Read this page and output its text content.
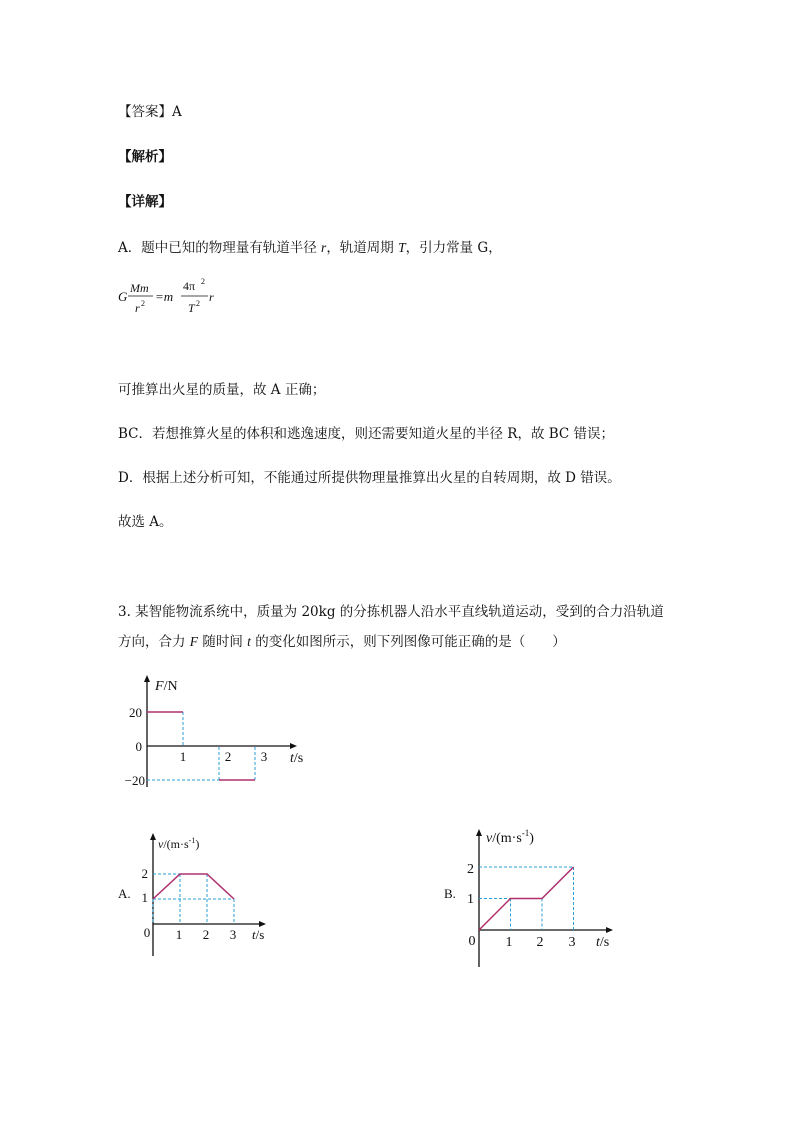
【答案】A
【解析】
【详解】
A．题中已知的物理量有轨道半径 r，轨道周期 T，引力常量 G，
G
Mm
r 2 =m
4π 2
T 2 r
可推算出火星的质量，故 A 正确；
BC．若想推算火星的体积和逃逸速度，则还需要知道火星的半径 R，故 BC 错误；
D．根据上述分析可知，不能通过所提供物理量推算出火星的自转周期，故 D 错误。
故选 A。
3. 某智能物流系统中，质量为 20kg 的分拣机器人沿水平直线轨道运动，受到的合力沿轨道
方向，合力 F 随时间 t 的变化如图所示，则下列图像可能正确的是（　　）
F/N
t/s
20
0
−20
1	2 3
A.
$v/(m\cdot s^{-1})$
t/s
2
1
0 1 2 3
B.
$v/(m\cdot s^{-1})$
t/s
2
1
0 1 2 3
